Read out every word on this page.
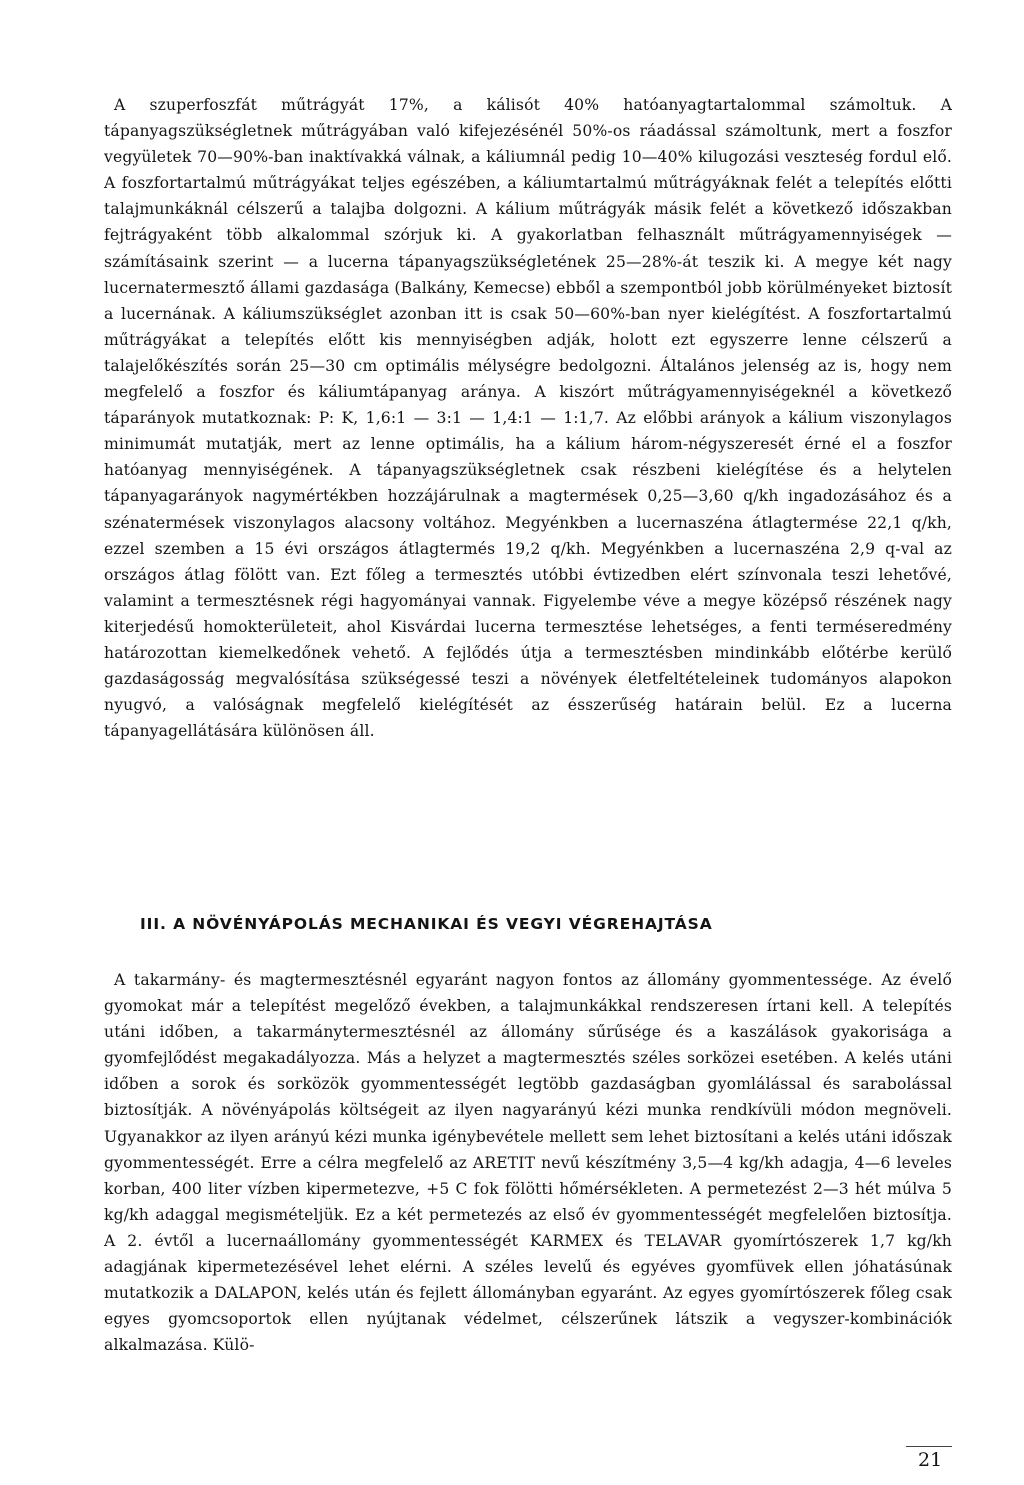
A szuperfoszfát műtrágyát 17%, a kálisót 40% hatóanyagtartalommal számoltuk. A tápanyagszükségletnek műtrágyában való kifejezésénél 50%-os ráadással számoltunk, mert a foszfor vegyületek 70—90%-ban inaktívakká válnak, a káliumnál pedig 10—40% kilugozási veszteség fordul elő. A foszfortartalmú műtrágyákat teljes egészében, a káliumtartalmú műtrágyáknak felét a telepítés előtti talajmunkáknál célszerű a talajba dolgozni. A kálium műtrágyák másik felét a következő időszakban fejtrágyaként több alkalommal szórjuk ki. A gyakorlatban felhasznált műtrágyamennyiségek — számításaink szerint — a lucerna tápanyagszükségletének 25—28%-át teszik ki. A megye két nagy lucernatermesztő állami gazdasága (Balkány, Kemecse) ebből a szempontból jobb körülményeket biztosít a lucernának. A káliumszükséglet azonban itt is csak 50—60%-ban nyer kielégítést. A foszfortartalmú műtrágyákat a telepítés előtt kis mennyiségben adják, holott ezt egyszerre lenne célszerű a talajelőkészítés során 25—30 cm optimális mélységre bedolgozni. Általános jelenség az is, hogy nem megfelelő a foszfor és káliumtápanyag aránya. A kiszórt műtrágyamennyiségeknél a következő táparányok mutatkoznak: P: K, 1,6:1 — 3:1 — 1,4:1 — 1:1,7. Az előbbi arányok a kálium viszonylagos minimumát mutatják, mert az lenne optimális, ha a kálium három-négyszeresét érné el a foszfor hatóanyag mennyiségének. A tápanyagszükségletnek csak részbeni kielégítése és a helytelen tápanyagarányok nagymértékben hozzájárulnak a magtermések 0,25—3,60 q/kh ingadozásához és a szénatermések viszonylagos alacsony voltához. Megyénkben a lucernaszéna átlagtermése 22,1 q/kh, ezzel szemben a 15 évi országos átlagtermés 19,2 q/kh. Megyénkben a lucernaszéna 2,9 q-val az országos átlag fölött van. Ezt főleg a termesztés utóbbi évtizedben elért színvonala teszi lehetővé, valamint a termesztésnek régi hagyományai vannak. Figyelembe véve a megye középső részének nagy kiterjedésű homokterületeit, ahol Kisvárdai lucerna termesztése lehetséges, a fenti terméseredmény határozottan kiemelkedőnek vehető. A fejlődés útja a termesztésben mindinkább előtérbe kerülő gazdaságosság megvalósítása szükségessé teszi a növények életfeltételeinek tudományos alapokon nyugvó, a valóságnak megfelelő kielégítését az ésszerűség határain belül. Ez a lucerna tápanyagellátására különösen áll.

III. A NÖVÉNYÁPOLÁS MECHANIKAI ÉS VEGYI VÉGREHAJTÁSA

A takarmány- és magtermesztésnél egyaránt nagyon fontos az állomány gyommentessége. Az évelő gyomokat már a telepítést megelőző években, a talajmunkákkal rendszeresen írtani kell. A telepítés utáni időben, a takarmánytermesztésnél az állomány sűrűsége és a kaszálások gyakorisága a gyomfejlődést megakadályozza. Más a helyzet a magtermesztés széles sorközei esetében. A kelés utáni időben a sorok és sorközök gyommentességét legtöbb gazdaságban gyomlálással és sarabolással biztosítják. A növényápolás költségeit az ilyen nagyarányú kézi munka rendkívüli módon megnöveli. Ugyanakkor az ilyen arányú kézi munka igénybevétele mellett sem lehet biztosítani a kelés utáni időszak gyommentességét. Erre a célra megfelelő az ARETIT nevű készítmény 3,5—4 kg/kh adagja, 4—6 leveles korban, 400 liter vízben kipermetezve, +5 C fok fölötti hőmérsékleten. A permetezést 2—3 hét múlva 5 kg/kh adaggal megismételjük. Ez a két permetezés az első év gyommentességét megfelelően biztosítja. A 2. évtől a lucernaállomány gyommentességét KARMEX és TELAVAR gyomírtószerek 1,7 kg/kh adagjának kipermetezésével lehet elérni. A széles levelű és egyéves gyomfüvek ellen jóhatásúnak mutatkozik a DALAPON, kelés után és fejlett állományban egyaránt. Az egyes gyomírtószerek főleg csak egyes gyomcsoportok ellen nyújtanak védelmet, célszerűnek látszik a vegyszer-kombinációk alkalmazása. Külö-

21
